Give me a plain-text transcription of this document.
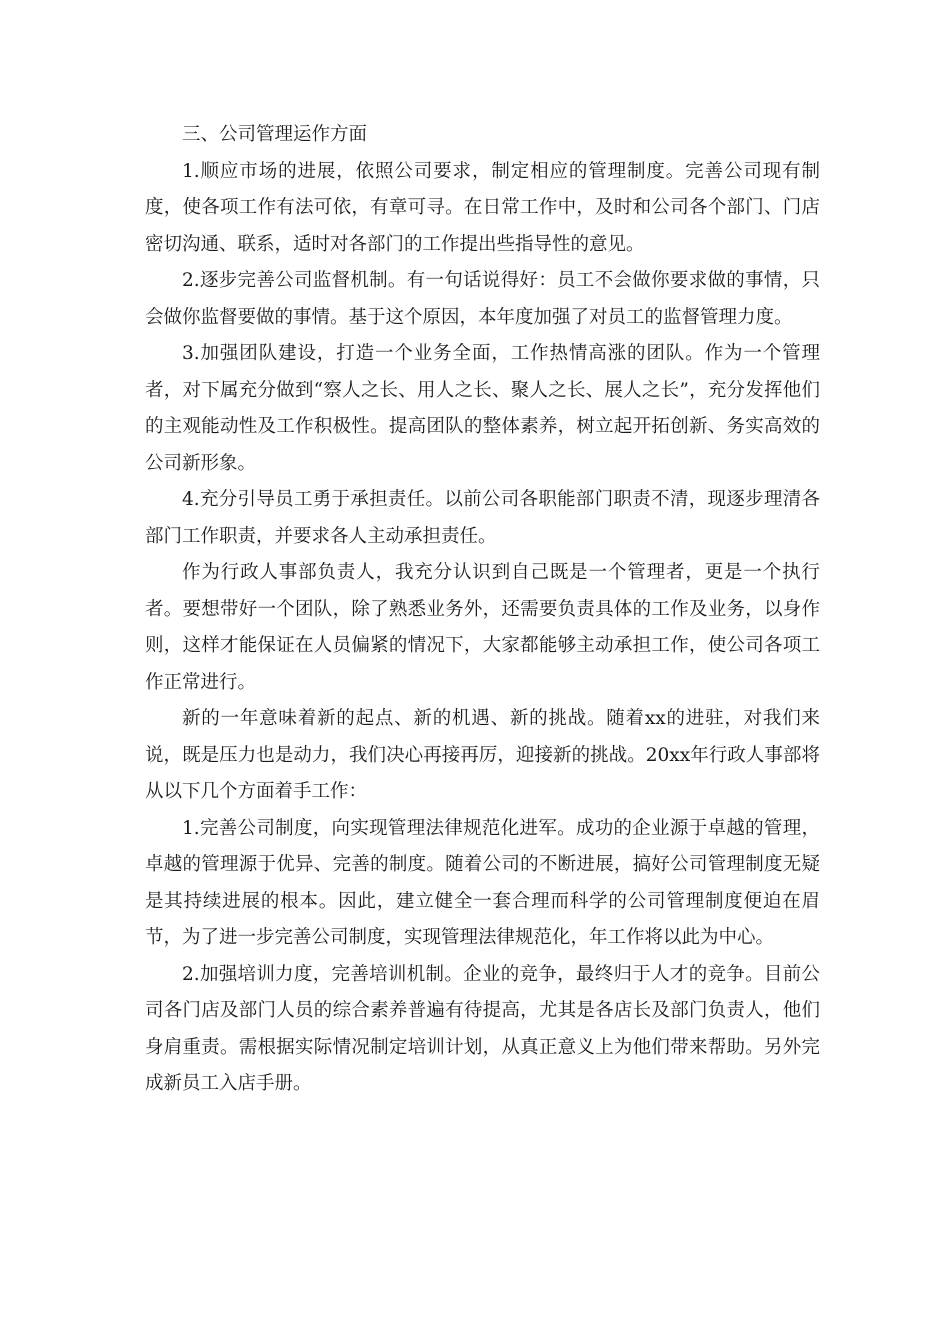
三、公司管理运作方面

1.顺应市场的进展，依照公司要求，制定相应的管理制度。完善公司现有制度，使各项工作有法可依，有章可寻。在日常工作中，及时和公司各个部门、门店密切沟通、联系，适时对各部门的工作提出些指导性的意见。

2.逐步完善公司监督机制。有一句话说得好：员工不会做你要求做的事情，只会做你监督要做的事情。基于这个原因，本年度加强了对员工的监督管理力度。

3.加强团队建设，打造一个业务全面，工作热情高涨的团队。作为一个管理者，对下属充分做到“察人之长、用人之长、聚人之长、展人之长”，充分发挥他们的主观能动性及工作积极性。提高团队的整体素养，树立起开拓创新、务实高效的公司新形象。

4.充分引导员工勇于承担责任。以前公司各职能部门职责不清，现逐步理清各部门工作职责，并要求各人主动承担责任。

作为行政人事部负责人，我充分认识到自己既是一个管理者，更是一个执行者。要想带好一个团队，除了熟悉业务外，还需要负责具体的工作及业务，以身作则，这样才能保证在人员偏紧的情况下，大家都能够主动承担工作，使公司各项工作正常进行。

新的一年意味着新的起点、新的机遇、新的挑战。随着xx的进驻，对我们来说，既是压力也是动力，我们决心再接再厉，迎接新的挑战。20xx年行政人事部将从以下几个方面着手工作：

1.完善公司制度，向实现管理法律规范化进军。成功的企业源于卓越的管理，卓越的管理源于优异、完善的制度。随着公司的不断进展，搞好公司管理制度无疑是其持续进展的根本。因此，建立健全一套合理而科学的公司管理制度便迫在眉节，为了进一步完善公司制度，实现管理法律规范化，年工作将以此为中心。

2.加强培训力度，完善培训机制。企业的竞争，最终归于人才的竞争。目前公司各门店及部门人员的综合素养普遍有待提高，尤其是各店长及部门负责人，他们身肩重责。需根据实际情况制定培训计划，从真正意义上为他们带来帮助。另外完成新员工入店手册。
